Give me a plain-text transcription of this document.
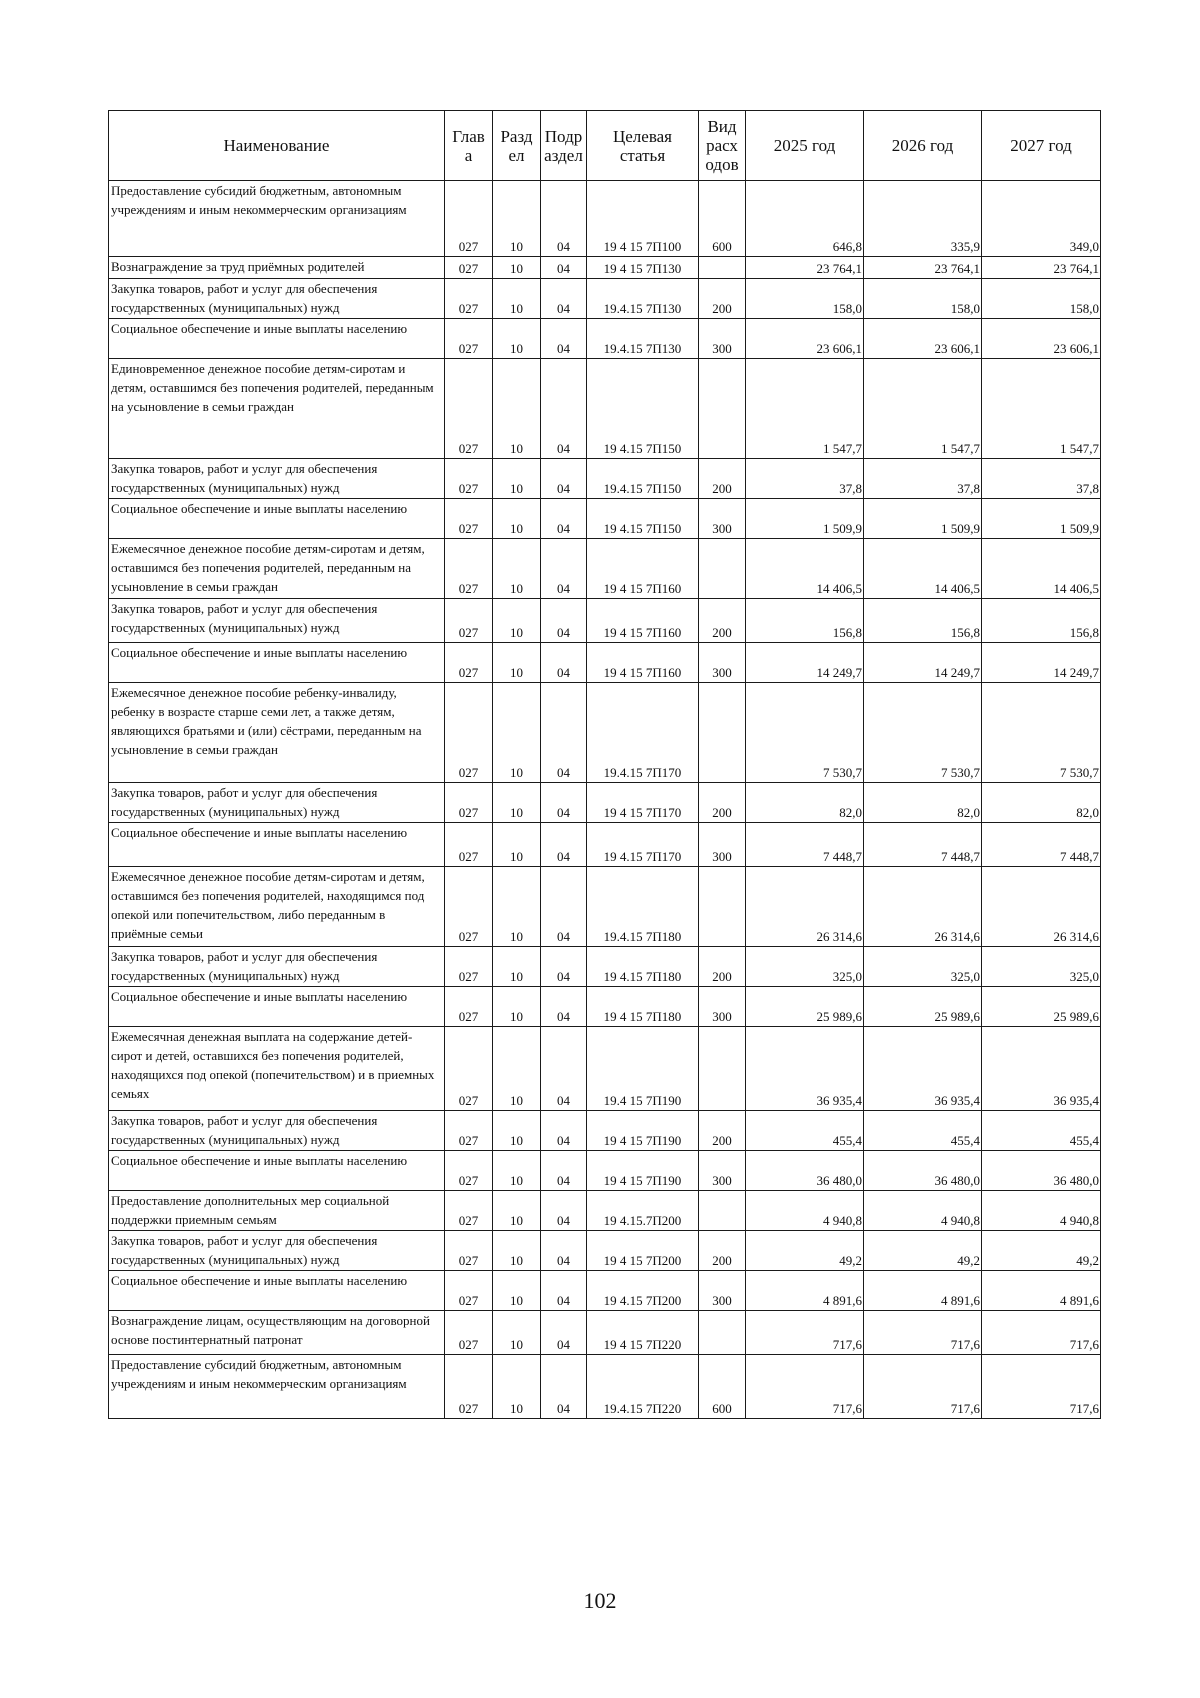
Наименование	Глав а	Разд ел	Подр аздел	Целевая статья	Вид расх одов	2025 год	2026 год	2027 год
Предоставление субсидий бюджетным, автономным учреждениям и иным некоммерческим организациям	027	10	04	19 4 15 7П100	600	646,8	335,9	349,0
Вознаграждение за труд приёмных родителей	027	10	04	19 4 15 7П130		23 764,1	23 764,1	23 764,1
Закупка товаров, работ и услуг для обеспечения государственных (муниципальных) нужд	027	10	04	19.4.15 7П130	200	158,0	158,0	158,0
Социальное обеспечение и иные выплаты населению	027	10	04	19.4.15 7П130	300	23 606,1	23 606,1	23 606,1
Единовременное денежное пособие детям-сиротам и детям, оставшимся без попечения родителей, переданным на усыновление в семьи граждан	027	10	04	19 4.15 7П150		1 547,7	1 547,7	1 547,7
Закупка товаров, работ и услуг для обеспечения государственных (муниципальных) нужд	027	10	04	19.4.15 7П150	200	37,8	37,8	37,8
Социальное обеспечение и иные выплаты населению	027	10	04	19 4.15 7П150	300	1 509,9	1 509,9	1 509,9
Ежемесячное денежное пособие детям-сиротам и детям, оставшимся без попечения родителей, переданным на усыновление в семьи граждан	027	10	04	19 4 15 7П160		14 406,5	14 406,5	14 406,5
Закупка товаров, работ и услуг для обеспечения государственных (муниципальных) нужд	027	10	04	19 4 15 7П160	200	156,8	156,8	156,8
Социальное обеспечение и иные выплаты населению	027	10	04	19 4 15 7П160	300	14 249,7	14 249,7	14 249,7
Ежемесячное денежное пособие ребенку-инвалиду, ребенку в возрасте старше семи лет, а также детям, являющихся братьями и (или) сёстрами, переданным на усыновление в семьи граждан	027	10	04	19.4.15 7П170		7 530,7	7 530,7	7 530,7
Закупка товаров, работ и услуг для обеспечения государственных (муниципальных) нужд	027	10	04	19 4 15 7П170	200	82,0	82,0	82,0
Социальное обеспечение и иные выплаты населению	027	10	04	19 4.15 7П170	300	7 448,7	7 448,7	7 448,7
Ежемесячное денежное пособие детям-сиротам и детям, оставшимся без попечения родителей, находящимся под опекой или попечительством, либо переданным в приёмные семьи	027	10	04	19.4.15 7П180		26 314,6	26 314,6	26 314,6
Закупка товаров, работ и услуг для обеспечения государственных (муниципальных) нужд	027	10	04	19 4.15 7П180	200	325,0	325,0	325,0
Социальное обеспечение и иные выплаты населению	027	10	04	19 4 15 7П180	300	25 989,6	25 989,6	25 989,6
Ежемесячная денежная выплата на содержание детей-сирот и детей, оставшихся без попечения родителей, находящихся под опекой (попечительством) и в приемных семьях	027	10	04	19.4 15 7П190		36 935,4	36 935,4	36 935,4
Закупка товаров, работ и услуг для обеспечения государственных (муниципальных) нужд	027	10	04	19 4 15 7П190	200	455,4	455,4	455,4
Социальное обеспечение и иные выплаты населению	027	10	04	19 4 15 7П190	300	36 480,0	36 480,0	36 480,0
Предоставление дополнительных мер социальной поддержки приемным семьям	027	10	04	19 4.15.7П200		4 940,8	4 940,8	4 940,8
Закупка товаров, работ и услуг для обеспечения государственных (муниципальных) нужд	027	10	04	19 4 15 7П200	200	49,2	49,2	49,2
Социальное обеспечение и иные выплаты населению	027	10	04	19 4.15 7П200	300	4 891,6	4 891,6	4 891,6
Вознаграждение лицам, осуществляющим на договорной основе постинтернатный патронат	027	10	04	19 4 15 7П220		717,6	717,6	717,6
Предоставление субсидий бюджетным, автономным учреждениям и иным некоммерческим организациям	027	10	04	19.4.15 7П220	600	717,6	717,6	717,6
102
